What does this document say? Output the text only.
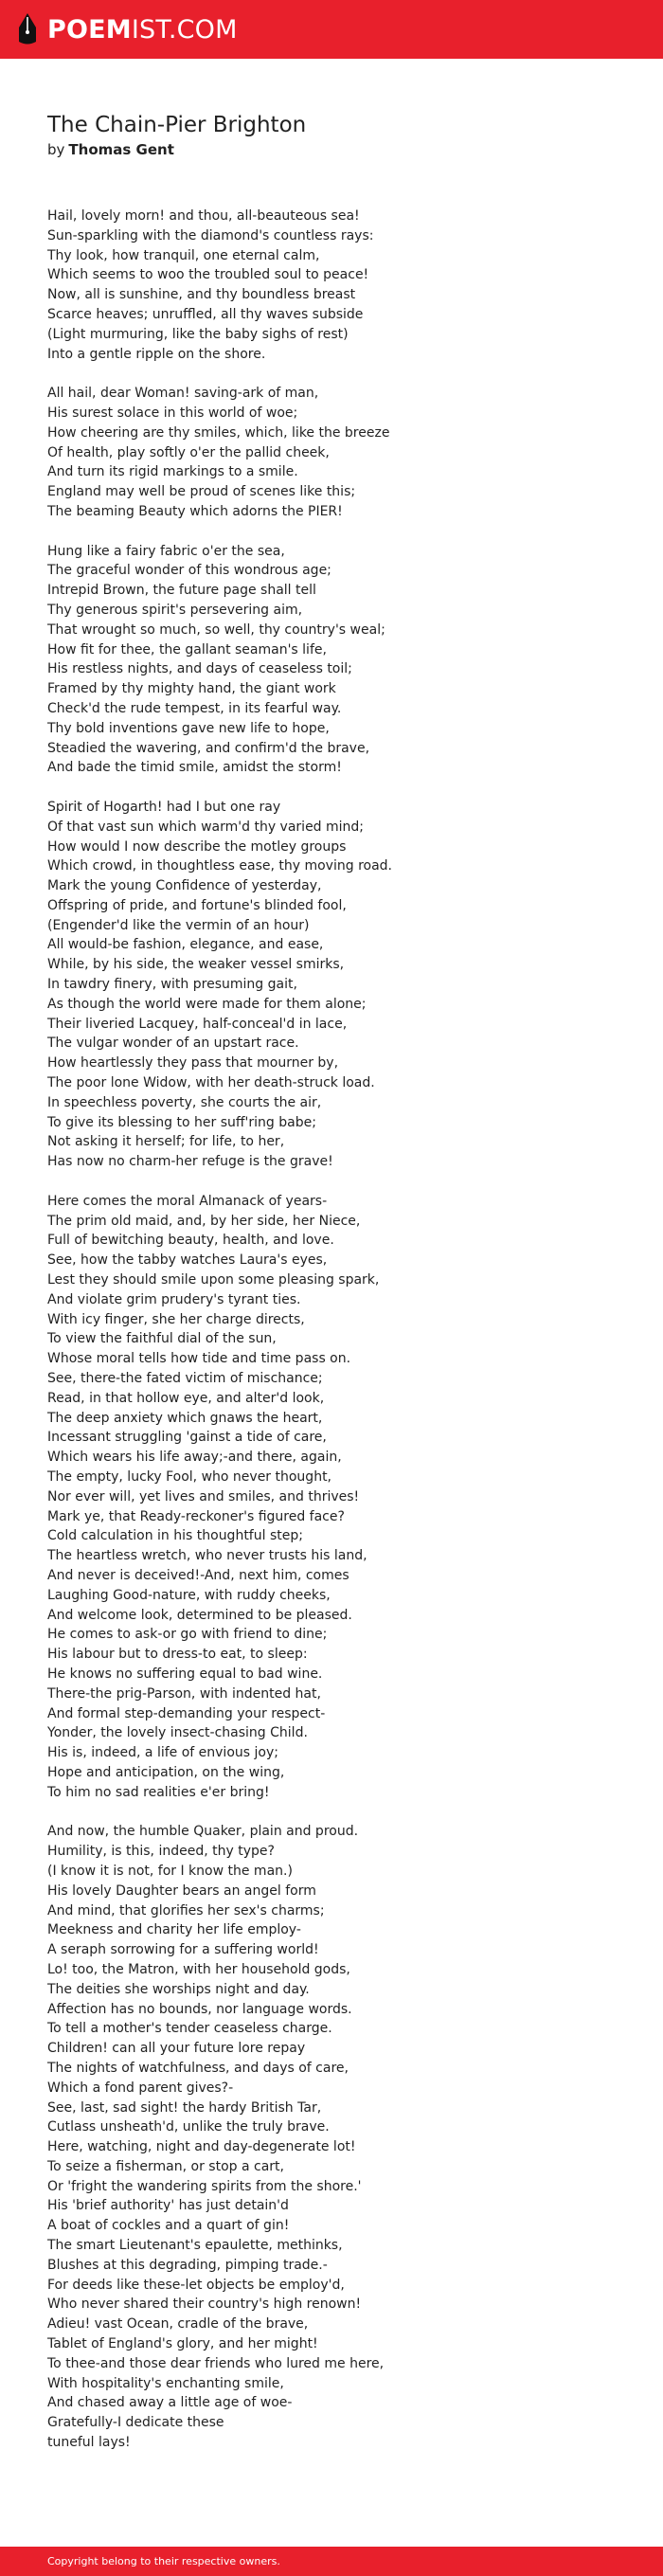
POEMIST.COM
The Chain-Pier Brighton
by Thomas Gent
Hail, lovely morn! and thou, all-beauteous sea!
Sun-sparkling with the diamond's countless rays:
Thy look, how tranquil, one eternal calm,
Which seems to woo the troubled soul to peace!
Now, all is sunshine, and thy boundless breast
Scarce heaves; unruffled, all thy waves subside
(Light murmuring, like the baby sighs of rest)
Into a gentle ripple on the shore.
All hail, dear Woman! saving-ark of man,
His surest solace in this world of woe;
How cheering are thy smiles, which, like the breeze
Of health, play softly o'er the pallid cheek,
And turn its rigid markings to a smile.
England may well be proud of scenes like this;
The beaming Beauty which adorns the PIER!
Hung like a fairy fabric o'er the sea,
The graceful wonder of this wondrous age;
Intrepid Brown, the future page shall tell
Thy generous spirit's persevering aim,
That wrought so much, so well, thy country's weal;
How fit for thee, the gallant seaman's life,
His restless nights, and days of ceaseless toil;
Framed by thy mighty hand, the giant work
Check'd the rude tempest, in its fearful way.
Thy bold inventions gave new life to hope,
Steadied the wavering, and confirm'd the brave,
And bade the timid smile, amidst the storm!
Spirit of Hogarth! had I but one ray
Of that vast sun which warm'd thy varied mind;
How would I now describe the motley groups
Which crowd, in thoughtless ease, thy moving road.
Mark the young Confidence of yesterday,
Offspring of pride, and fortune's blinded fool,
(Engender'd like the vermin of an hour)
All would-be fashion, elegance, and ease,
While, by his side, the weaker vessel smirks,
In tawdry finery, with presuming gait,
As though the world were made for them alone;
Their liveried Lacquey, half-conceal'd in lace,
The vulgar wonder of an upstart race.
How heartlessly they pass that mourner by,
The poor lone Widow, with her death-struck load.
In speechless poverty, she courts the air,
To give its blessing to her suff'ring babe;
Not asking it herself; for life, to her,
Has now no charm-her refuge is the grave!
Here comes the moral Almanack of years-
The prim old maid, and, by her side, her Niece,
Full of bewitching beauty, health, and love.
See, how the tabby watches Laura's eyes,
Lest they should smile upon some pleasing spark,
And violate grim prudery's tyrant ties.
With icy finger, she her charge directs,
To view the faithful dial of the sun,
Whose moral tells how tide and time pass on.
See, there-the fated victim of mischance;
Read, in that hollow eye, and alter'd look,
The deep anxiety which gnaws the heart,
Incessant struggling 'gainst a tide of care,
Which wears his life away;-and there, again,
The empty, lucky Fool, who never thought,
Nor ever will, yet lives and smiles, and thrives!
Mark ye, that Ready-reckoner's figured face?
Cold calculation in his thoughtful step;
The heartless wretch, who never trusts his land,
And never is deceived!-And, next him, comes
Laughing Good-nature, with ruddy cheeks,
And welcome look, determined to be pleased.
He comes to ask-or go with friend to dine;
His labour but to dress-to eat, to sleep:
He knows no suffering equal to bad wine.
There-the prig-Parson, with indented hat,
And formal step-demanding your respect-
Yonder, the lovely insect-chasing Child.
His is, indeed, a life of envious joy;
Hope and anticipation, on the wing,
To him no sad realities e'er bring!
And now, the humble Quaker, plain and proud.
Humility, is this, indeed, thy type?
(I know it is not, for I know the man.)
His lovely Daughter bears an angel form
And mind, that glorifies her sex's charms;
Meekness and charity her life employ-
A seraph sorrowing for a suffering world!
Lo! too, the Matron, with her household gods,
The deities she worships night and day.
Affection has no bounds, nor language words.
To tell a mother's tender ceaseless charge.
Children! can all your future lore repay
The nights of watchfulness, and days of care,
Which a fond parent gives?-
See, last, sad sight! the hardy British Tar,
Cutlass unsheath'd, unlike the truly brave.
Here, watching, night and day-degenerate lot!
To seize a fisherman, or stop a cart,
Or 'fright the wandering spirits from the shore.'
His 'brief authority' has just detain'd
A boat of cockles and a quart of gin!
The smart Lieutenant's epaulette, methinks,
Blushes at this degrading, pimping trade.-
For deeds like these-let objects be employ'd,
Who never shared their country's high renown!
Adieu! vast Ocean, cradle of the brave,
Tablet of England's glory, and her might!
To thee-and those dear friends who lured me here,
With hospitality's enchanting smile,
And chased away a little age of woe-
Gratefully-I dedicate these
tuneful lays!
Copyright belong to their respective owners.
